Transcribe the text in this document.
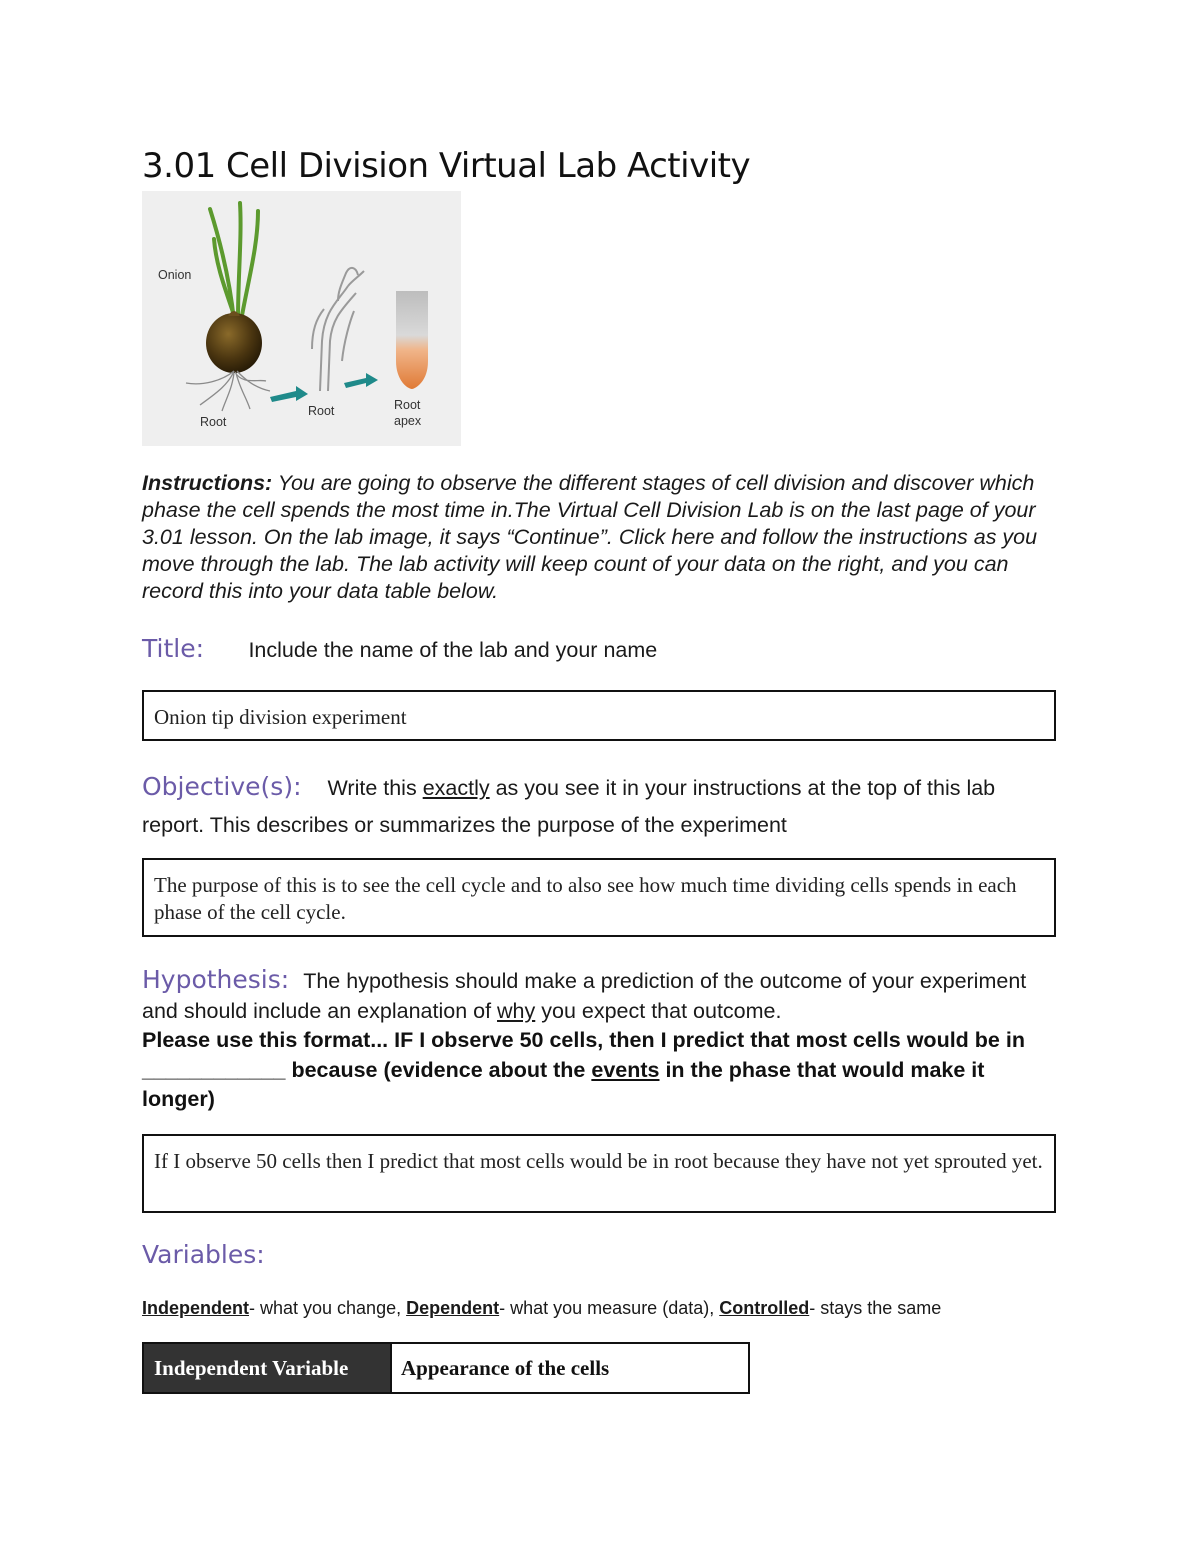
3.01 Cell Division Virtual Lab Activity
Onion
Root
Root	Root
apex
Instructions: You are going to observe the different stages of cell division and discover which phase the cell spends the most time in.The Virtual Cell Division Lab is on the last page of your 3.01 lesson. On the lab image, it says “Continue”. Click here and follow the instructions as you move through the lab. The lab activity will keep count of your data on the right, and you can record this into your data table below.
Title: Include the name of the lab and your name
Onion tip division experiment
Objective(s): Write this exactly as you see it in your instructions at the top of this lab report. This describes or summarizes the purpose of the experiment
The purpose of this is to see the cell cycle and to also see how much time dividing cells spends in each phase of the cell cycle.
Hypothesis: The hypothesis should make a prediction of the outcome of your experiment and should include an explanation of why you expect that outcome.
Please use this format... IF I observe 50 cells, then I predict that most cells would be in ____________ because (evidence about the events in the phase that would make it longer)
If I observe 50 cells then I predict that most cells would be in root because they have not yet sprouted yet.
Variables:
Independent- what you change, Dependent- what you measure (data), Controlled- stays the same
Independent Variable	Appearance of the cells
